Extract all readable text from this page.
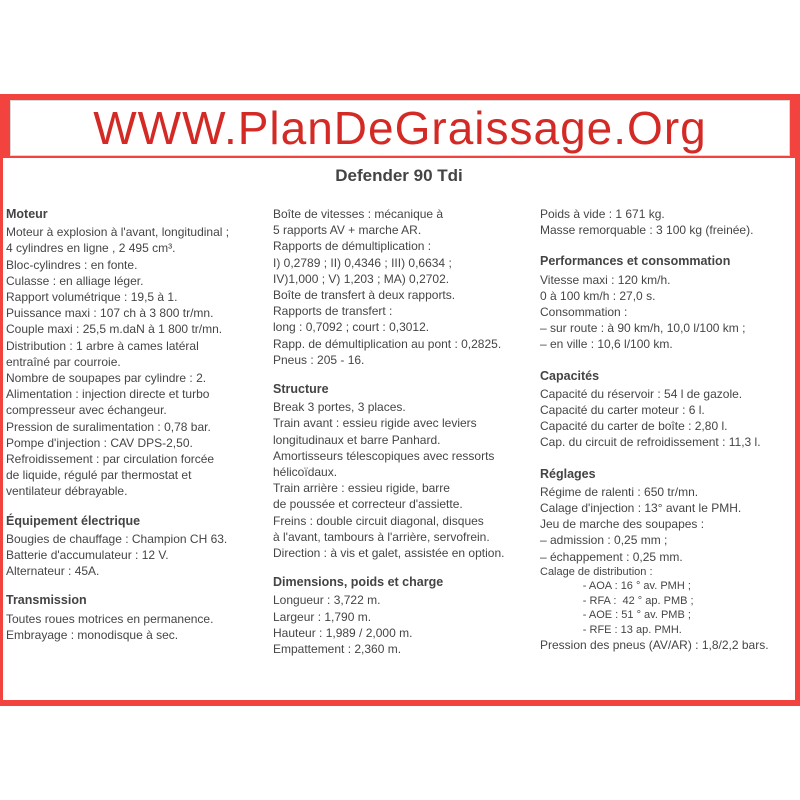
WWW.PlanDeGraissage.Org
Defender 90 Tdi
Moteur
Moteur à explosion à l'avant, longitudinal ;
4 cylindres en ligne , 2 495 cm³.
Bloc-cylindres : en fonte.
Culasse : en alliage léger.
Rapport volumétrique : 19,5 à 1.
Puissance maxi : 107 ch à 3 800 tr/mn.
Couple maxi : 25,5 m.daN à 1 800 tr/mn.
Distribution : 1 arbre à cames latéral
entraîné par courroie.
Nombre de soupapes par cylindre : 2.
Alimentation : injection directe et turbo
compresseur avec échangeur.
Pression de suralimentation : 0,78 bar.
Pompe d'injection : CAV DPS-2,50.
Refroidissement : par circulation forcée
de liquide, régulé par thermostat et
ventilateur débrayable.
Équipement électrique
Bougies de chauffage : Champion CH 63.
Batterie d'accumulateur : 12 V.
Alternateur : 45A.
Transmission
Toutes roues motrices en permanence.
Embrayage : monodisque à sec.
Boîte de vitesses : mécanique à
5 rapports AV + marche AR.
Rapports de démultiplication :
I) 0,2789 ; II) 0,4346 ; III) 0,6634 ;
IV)1,000 ; V) 1,203 ; MA) 0,2702.
Boîte de transfert à deux rapports.
Rapports de transfert :
long : 0,7092 ; court : 0,3012.
Rapp. de démultiplication au pont : 0,2825.
Pneus : 205 - 16.
Structure
Break 3 portes, 3 places.
Train avant : essieu rigide avec leviers
longitudinaux et barre Panhard.
Amortisseurs télescopiques avec ressorts
hélicoïdaux.
Train arrière : essieu rigide, barre
de poussée et correcteur d'assiette.
Freins : double circuit diagonal, disques
à l'avant, tambours à l'arrière, servofrein.
Direction : à vis et galet, assistée en option.
Dimensions, poids et charge
Longueur : 3,722 m.
Largeur : 1,790 m.
Hauteur : 1,989 / 2,000 m.
Empattement : 2,360 m.
Poids à vide : 1 671 kg.
Masse remorquable : 3 100 kg (freinée).
Performances et consommation
Vitesse maxi : 120 km/h.
0 à 100 km/h : 27,0 s.
Consommation :
– sur route : à 90 km/h, 10,0 l/100 km ;
– en ville : 10,6 l/100 km.
Capacités
Capacité du réservoir : 54 l de gazole.
Capacité du carter moteur : 6 l.
Capacité du carter de boîte : 2,80 l.
Cap. du circuit de refroidissement : 11,3 l.
Réglages
Régime de ralenti : 650 tr/mn.
Calage d'injection : 13° avant le PMH.
Jeu de marche des soupapes :
– admission : 0,25 mm ;
– échappement : 0,25 mm.
Calage de distribution :
- AOA : 16 ° av. PMH ;
- RFA :  42 ° ap. PMB ;
- AOE : 51 ° av. PMB ;
- RFE : 13 ap. PMH.
Pression des pneus (AV/AR) : 1,8/2,2 bars.
